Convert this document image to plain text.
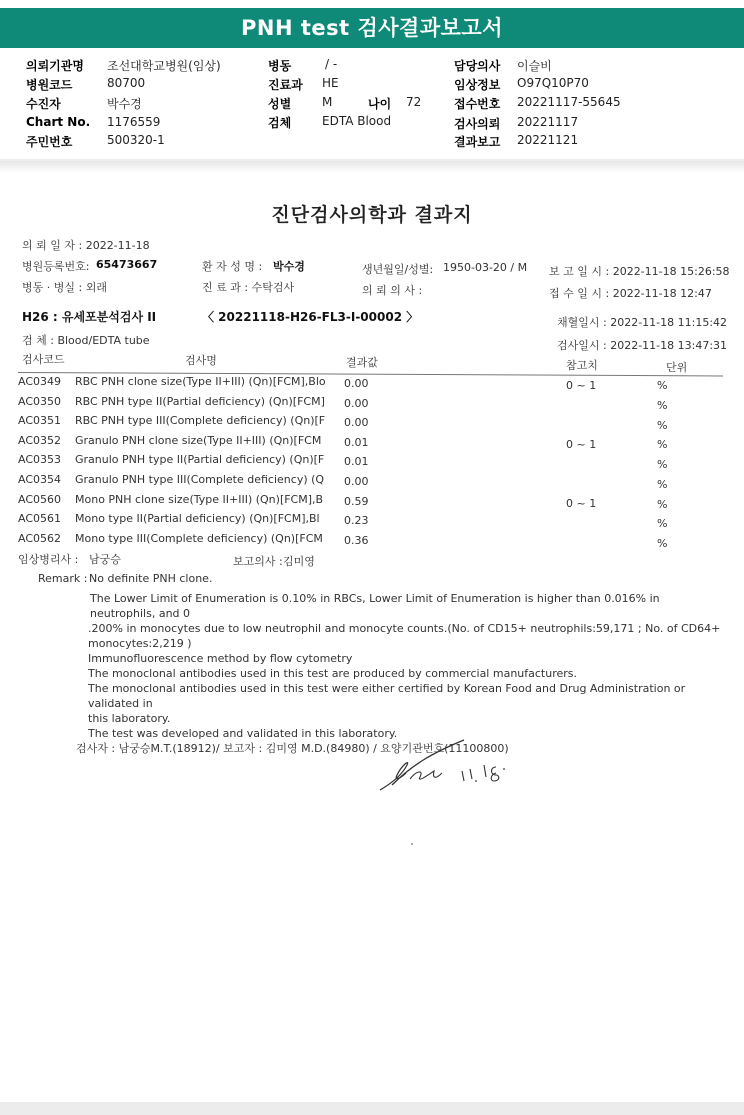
PNH test 검사결과보고서
의뢰기관명 조선대학교병원(임상)
병원코드	80700
수진자	박수경
Chart No. 1176559
주민번호	500320-1
병동	/ -
진료과 HE
성별	M	나이 72
검체	EDTA Blood
담당의사 이슬비
임상정보 O97Q10P70
접수번호 20221117-55645
검사의뢰 20221117
결과보고 20221121
진단검사의학과 결과지
의 뢰 일 자 : 2022-11-18
병원등록번호: 65473667	환 자 성 명 : 박수경	생년월일/성별: 1950-03-20 / M 보 고 일 시 : 2022-11-18 15:26:58
병동 · 병실 : 외래	진 료 과 : 수탁검사	의 뢰 의 사 :	접 수 일 시 : 2022-11-18 12:47
H26 : 유세포분석검사 II	〈 20221118-H26-FL3-I-00002 〉	채혈일시 : 2022-11-18 11:15:42
검 체 : Blood/EDTA tube	검사일시 : 2022-11-18 13:47:31
검사코드	검사명	결과값	참고치	단위
AC0349 RBC PNH clone size(Type II+III) (Qn)[FCM],Blo 0.00	0 ~ 1	%
AC0350 RBC PNH type II(Partial deficiency) (Qn)[FCM] 0.00	%
AC0351 RBC PNH type III(Complete deficiency) (Qn)[F 0.00	%
AC0352 Granulo PNH clone size(Type II+III) (Qn)[FCM 0.01	0 ~ 1	%
AC0353 Granulo PNH type II(Partial deficiency) (Qn)[F 0.01	%
AC0354 Granulo PNH type III(Complete deficiency) (Q 0.00	%
AC0560 Mono PNH clone size(Type II+III) (Qn)[FCM],B 0.59	0 ~ 1	%
AC0561 Mono type II(Partial deficiency) (Qn)[FCM],Bl 0.23	%
AC0562 Mono type III(Complete deficiency) (Qn)[FCM 0.36	%
임상병리사 : 남궁승	보고의사 : 김미영
Remark : No definite PNH clone.
The Lower Limit of Enumeration is 0.10% in RBCs, Lower Limit of Enumeration is higher than 0.016% in neutrophils, and 0
.200% in monocytes due to low neutrophil and monocyte counts.(No. of CD15+ neutrophils:59,171 ; No. of CD64+
monocytes:2,219 )
Immunofluorescence method by flow cytometry
The monoclonal antibodies used in this test are produced by commercial manufacturers.
The monoclonal antibodies used in this test were either certified by Korean Food and Drug Administration or validated in
this laboratory.
The test was developed and validated in this laboratory.
검사자 : 남궁승M.T.(18912)/ 보고자 : 김미영 M.D.(84980) / 요양기관번호(11100800)
